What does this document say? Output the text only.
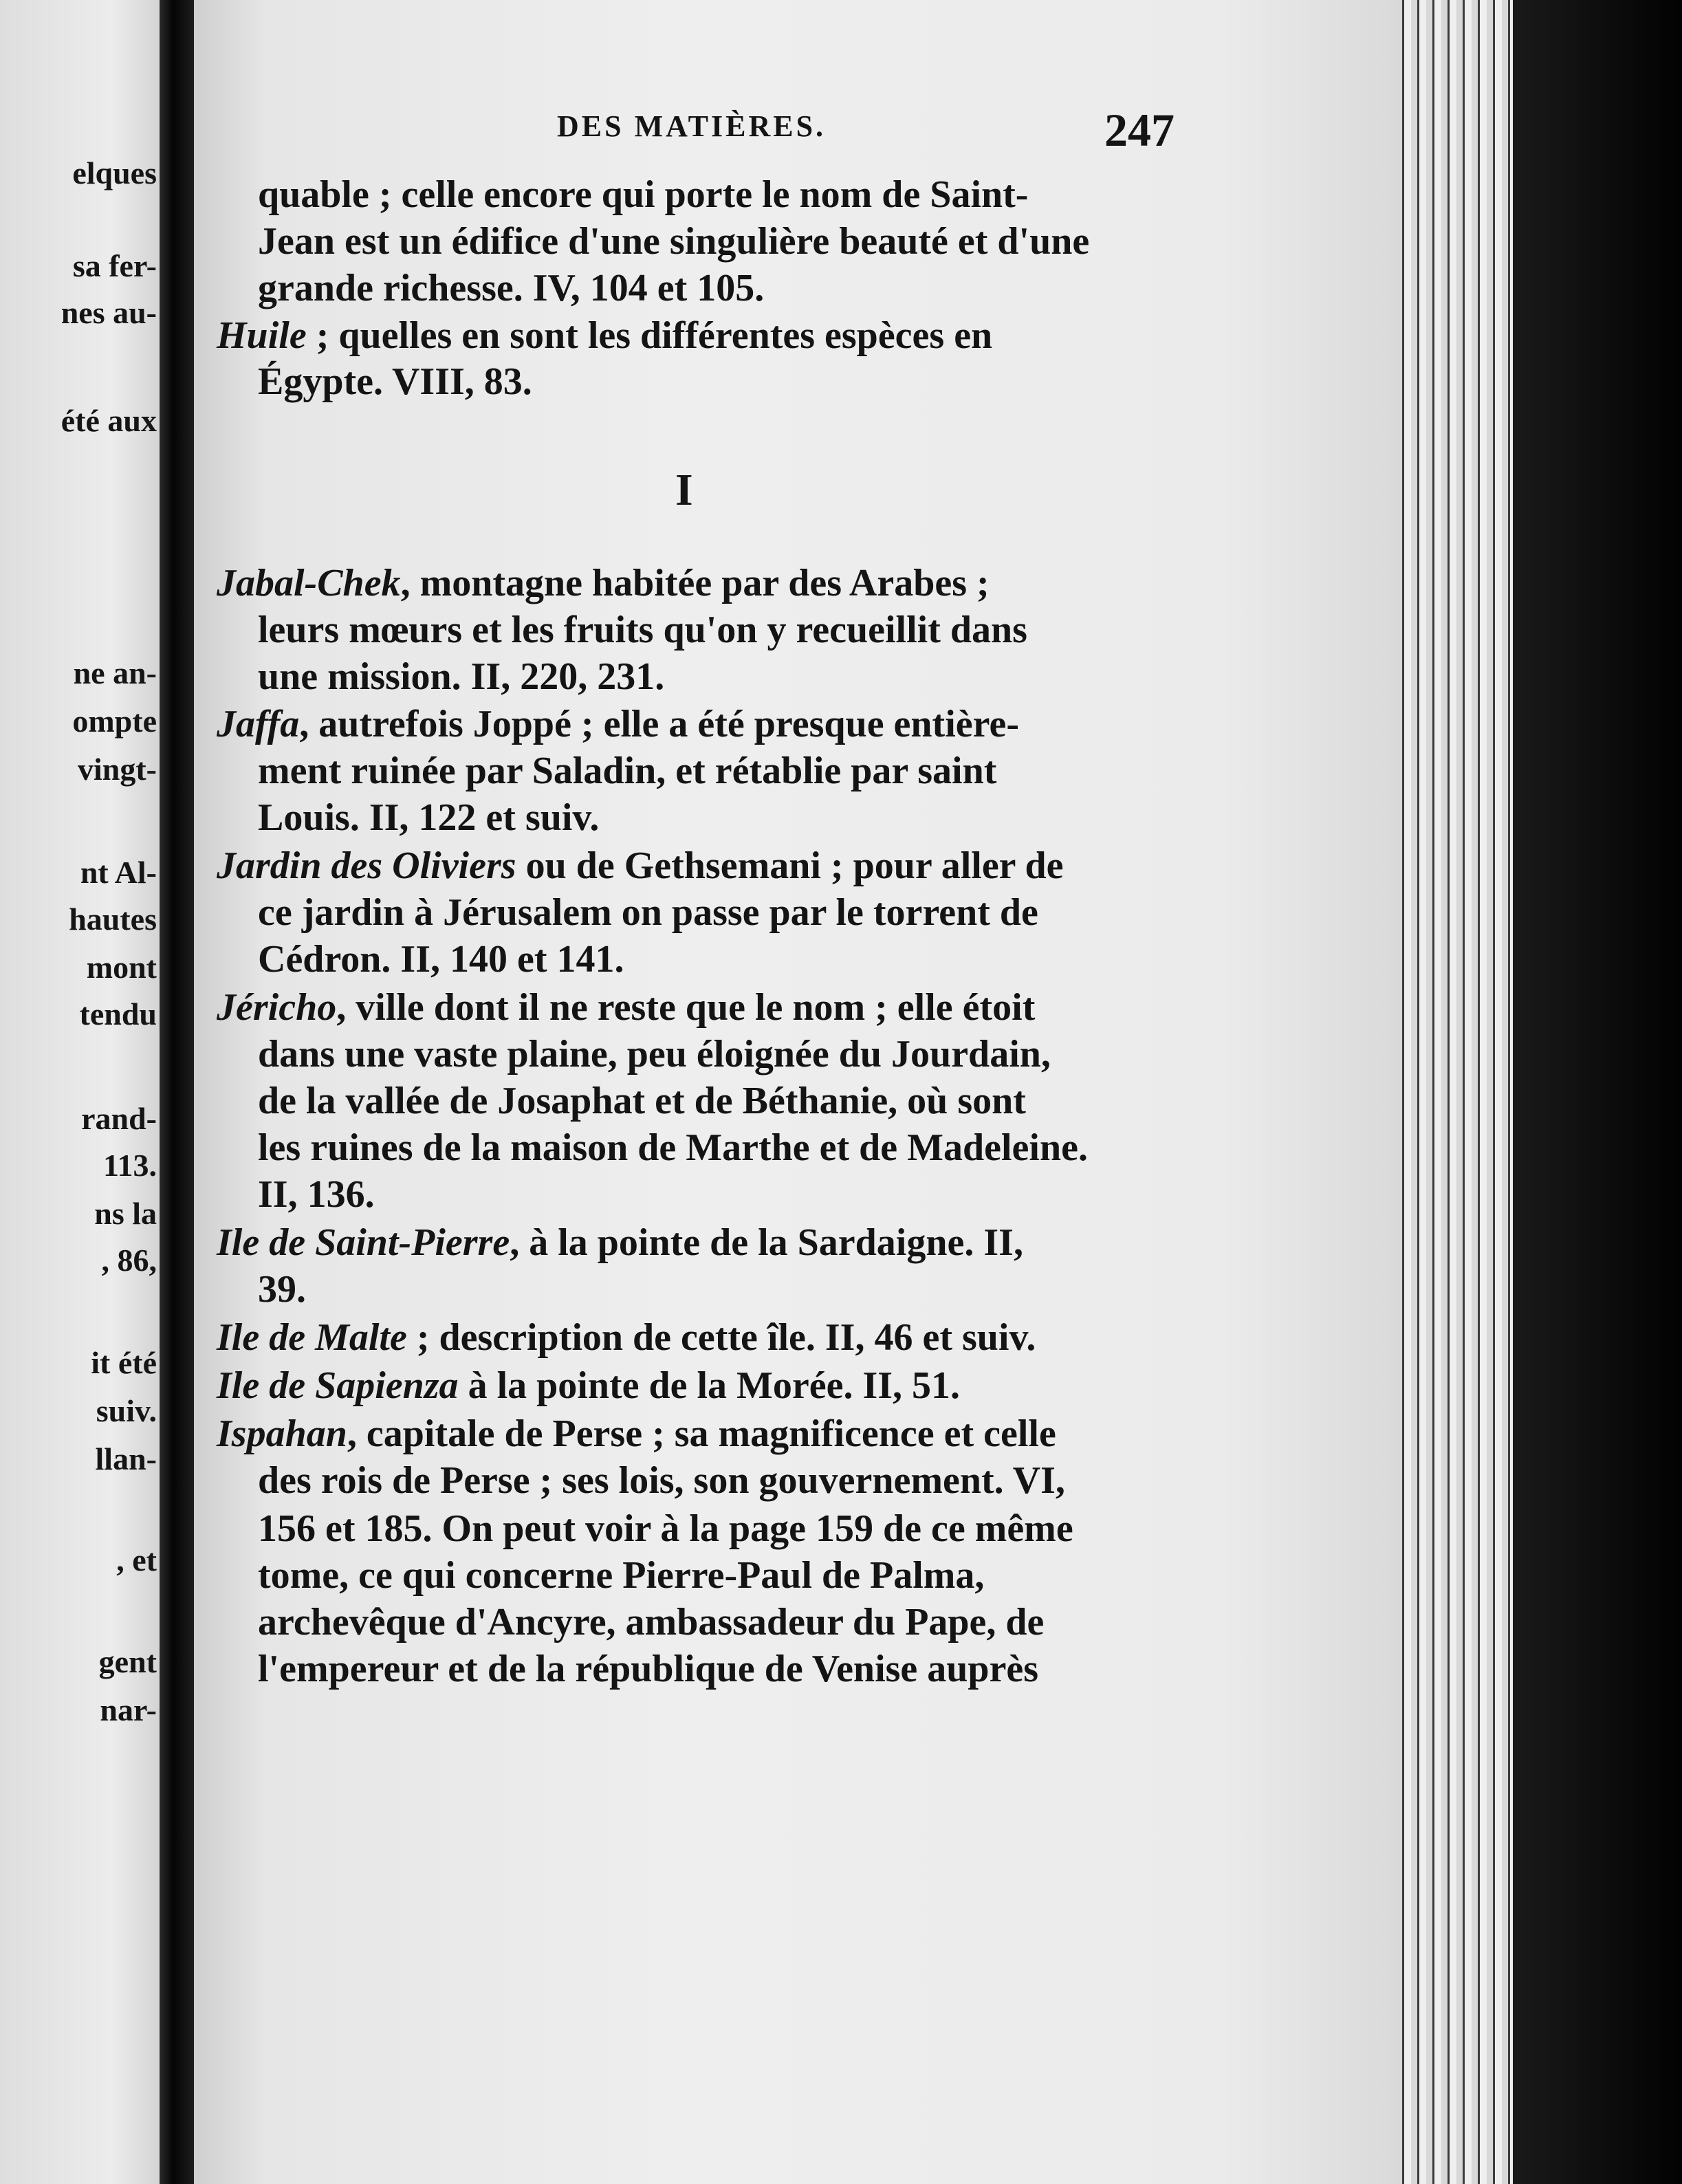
elques
sa fer-
nes au-
été aux
ne an-
ompte
vingt-
nt Al-
hautes
mont
tendu
rand-
113.
ns la
, 86,
it été
suiv.
llan-
, et
gent
nar-
DES MATIÈRES.	247
I
quable ; celle encore qui porte le nom de Saint-
Jean est un édifice d'une singulière beauté et d'une
grande richesse. IV, 104 et 105.
Huile ; quelles en sont les différentes espèces en
Égypte. VIII, 83.
Jabal-Chek, montagne habitée par des Arabes ;
leurs mœurs et les fruits qu'on y recueillit dans
une mission. II, 220, 231.
Jaffa, autrefois Joppé ; elle a été presque entière-
ment ruinée par Saladin, et rétablie par saint
Louis. II, 122 et suiv.
Jardin des Oliviers ou de Gethsemani ; pour aller de
ce jardin à Jérusalem on passe par le torrent de
Cédron. II, 140 et 141.
Jéricho, ville dont il ne reste que le nom ; elle étoit
dans une vaste plaine, peu éloignée du Jourdain,
de la vallée de Josaphat et de Béthanie, où sont
les ruines de la maison de Marthe et de Madeleine.
II, 136.
Ile de Saint-Pierre, à la pointe de la Sardaigne. II,
39.
Ile de Malte ; description de cette île. II, 46 et suiv.
Ile de Sapienza à la pointe de la Morée. II, 51.
Ispahan, capitale de Perse ; sa magnificence et celle
des rois de Perse ; ses lois, son gouvernement. VI,
156 et 185. On peut voir à la page 159 de ce même
tome, ce qui concerne Pierre-Paul de Palma,
archevêque d'Ancyre, ambassadeur du Pape, de
l'empereur et de la république de Venise auprès
